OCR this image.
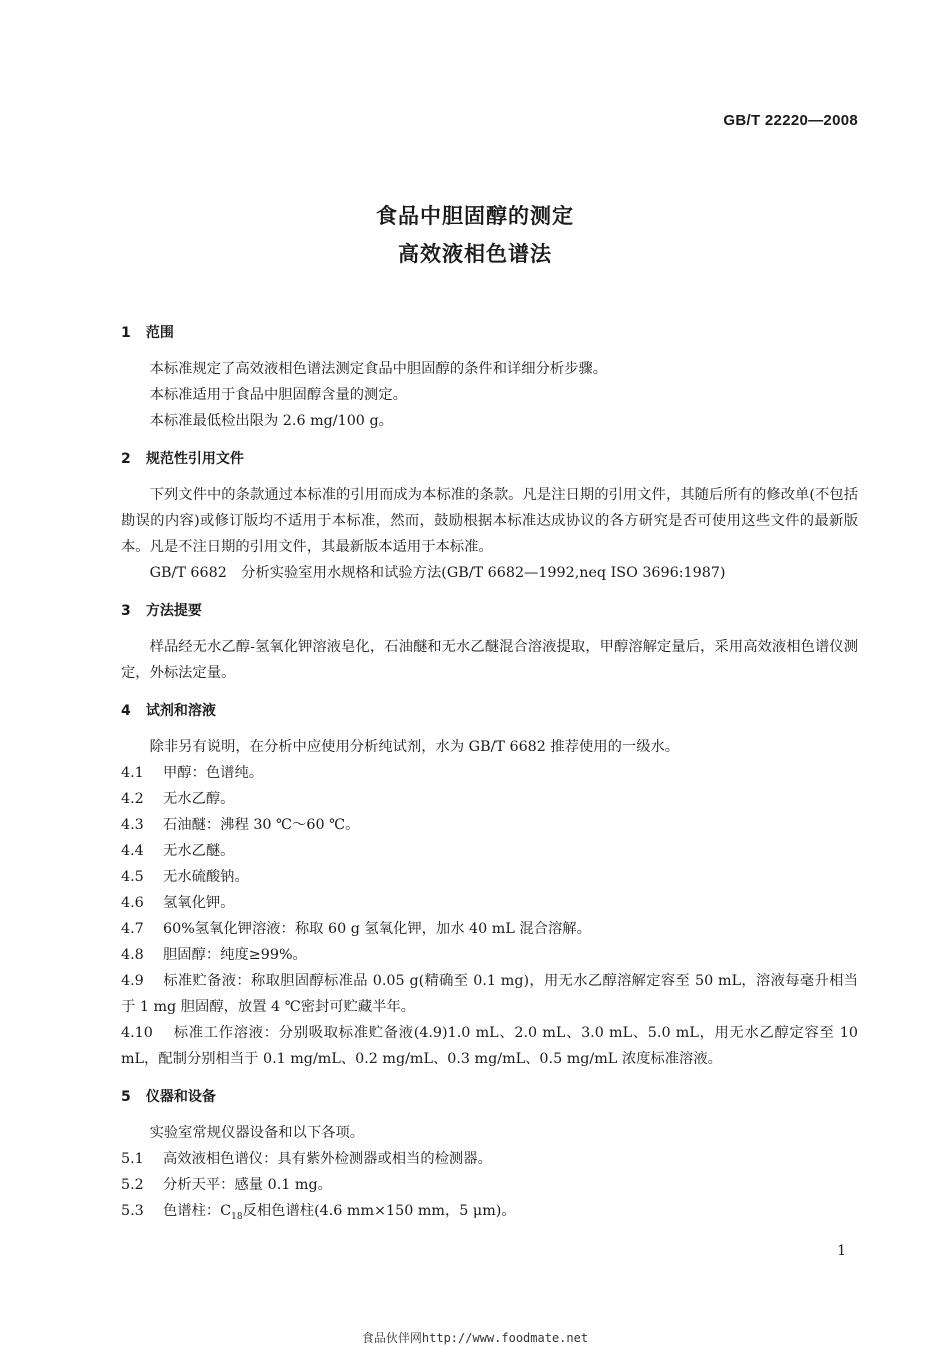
GB/T 22220—2008
食品中胆固醇的测定
高效液相色谱法
1 范围

本标准规定了高效液相色谱法测定食品中胆固醇的条件和详细分析步骤。

本标准适用于食品中胆固醇含量的测定。

本标准最低检出限为 2.6 mg/100 g。

2 规范性引用文件

下列文件中的条款通过本标准的引用而成为本标准的条款。凡是注日期的引用文件，其随后所有的修改单(不包括勘误的内容)或修订版均不适用于本标准，然而，鼓励根据本标准达成协议的各方研究是否可使用这些文件的最新版本。凡是不注日期的引用文件，其最新版本适用于本标准。

GB/T 6682　分析实验室用水规格和试验方法(GB/T 6682—1992,neq ISO 3696:1987)

3 方法提要

样品经无水乙醇-氢氧化钾溶液皂化，石油醚和无水乙醚混合溶液提取，甲醇溶解定量后，采用高效液相色谱仪测定，外标法定量。

4 试剂和溶液

除非另有说明，在分析中应使用分析纯试剂，水为 GB/T 6682 推荐使用的一级水。

4.1 甲醇：色谱纯。

4.2 无水乙醇。

4.3 石油醚：沸程 30 ℃～60 ℃。

4.4 无水乙醚。

4.5 无水硫酸钠。

4.6 氢氧化钾。

4.7 60%氢氧化钾溶液：称取 60 g 氢氧化钾，加水 40 mL 混合溶解。

4.8 胆固醇：纯度≥99%。

4.9 标准贮备液：称取胆固醇标准品 0.05 g(精确至 0.1 mg)，用无水乙醇溶解定容至 50 mL，溶液每毫升相当于 1 mg 胆固醇，放置 4 ℃密封可贮藏半年。

4.10 标准工作溶液：分别吸取标准贮备液(4.9)1.0 mL、2.0 mL、3.0 mL、5.0 mL，用无水乙醇定容至 10 mL，配制分别相当于 0.1 mg/mL、0.2 mg/mL、0.3 mg/mL、0.5 mg/mL 浓度标准溶液。

5 仪器和设备

实验室常规仪器设备和以下各项。

5.1 高效液相色谱仪：具有紫外检测器或相当的检测器。

5.2 分析天平：感量 0.1 mg。

5.3 色谱柱：$C_{18}$反相色谱柱(4.6 mm×150 mm，5 μm)。

1
食品伙伴网http://www.foodmate.net
